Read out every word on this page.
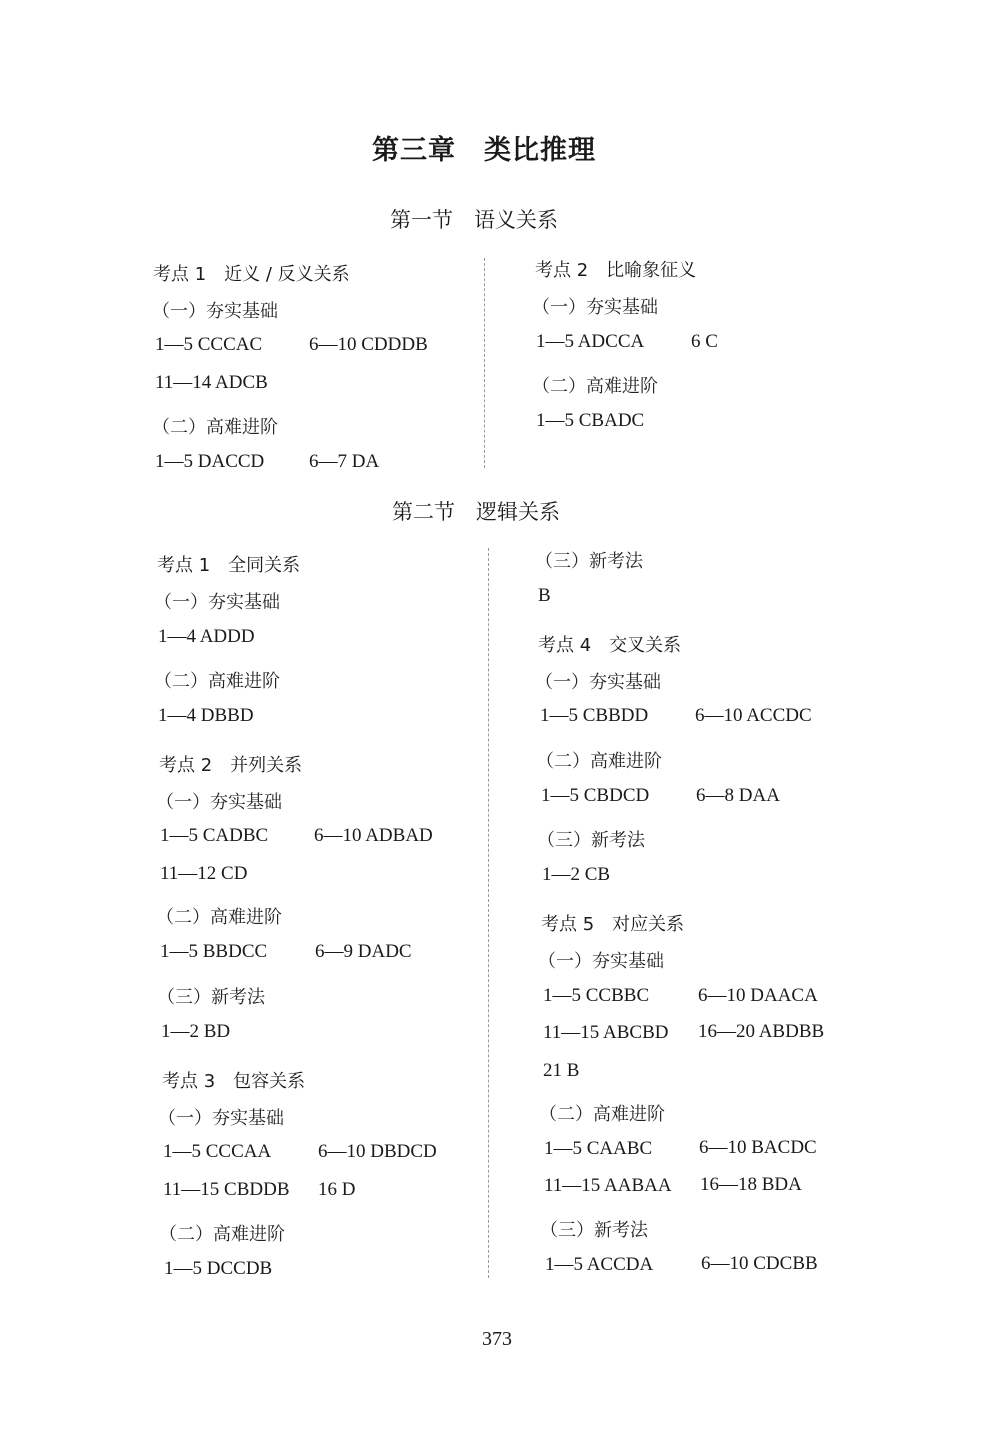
第三章　类比推理
第一节　语义关系
考点 1　近义 / 反义关系
（一）夯实基础
1—5 CCCAC 6—10 CDDDB
11—14 ADCB
（二）高难进阶
1—5 DACCD 6—7 DA
考点 2　比喻象征义
（一）夯实基础
1—5 ADCCA 6 C
（二）高难进阶
1—5 CBADC
第二节　逻辑关系
考点 1　全同关系
（一）夯实基础
1—4 ADDD
（二）高难进阶
1—4 DBBD
考点 2　并列关系
（一）夯实基础
1—5 CADBC 6—10 ADBAD
11—12 CD
（二）高难进阶
1—5 BBDCC	6—9 DADC
（三）新考法
1—2 BD
考点 3　包容关系
（一）夯实基础
1—5 CCCAA 6—10 DBDCD
11—15 CBDDB 16 D
（二）高难进阶
1—5 DCCDB
（三）新考法
B
考点 4　交叉关系
（一）夯实基础
1—5 CBBDD 6—10 ACCDC
（二）高难进阶
1—5 CBDCD 6—8 DAA
（三）新考法
1—2 CB
考点 5　对应关系
（一）夯实基础
1—5 CCBBC	6—10 DAACA
11—15 ABCBD 16—20 ABDBB
21 B
（二）高难进阶
1—5 CAABC 6—10 BACDC
11—15 AABAA 16—18 BDA
（三）新考法
1—5 ACCDA	6—10 CDCBB
373
